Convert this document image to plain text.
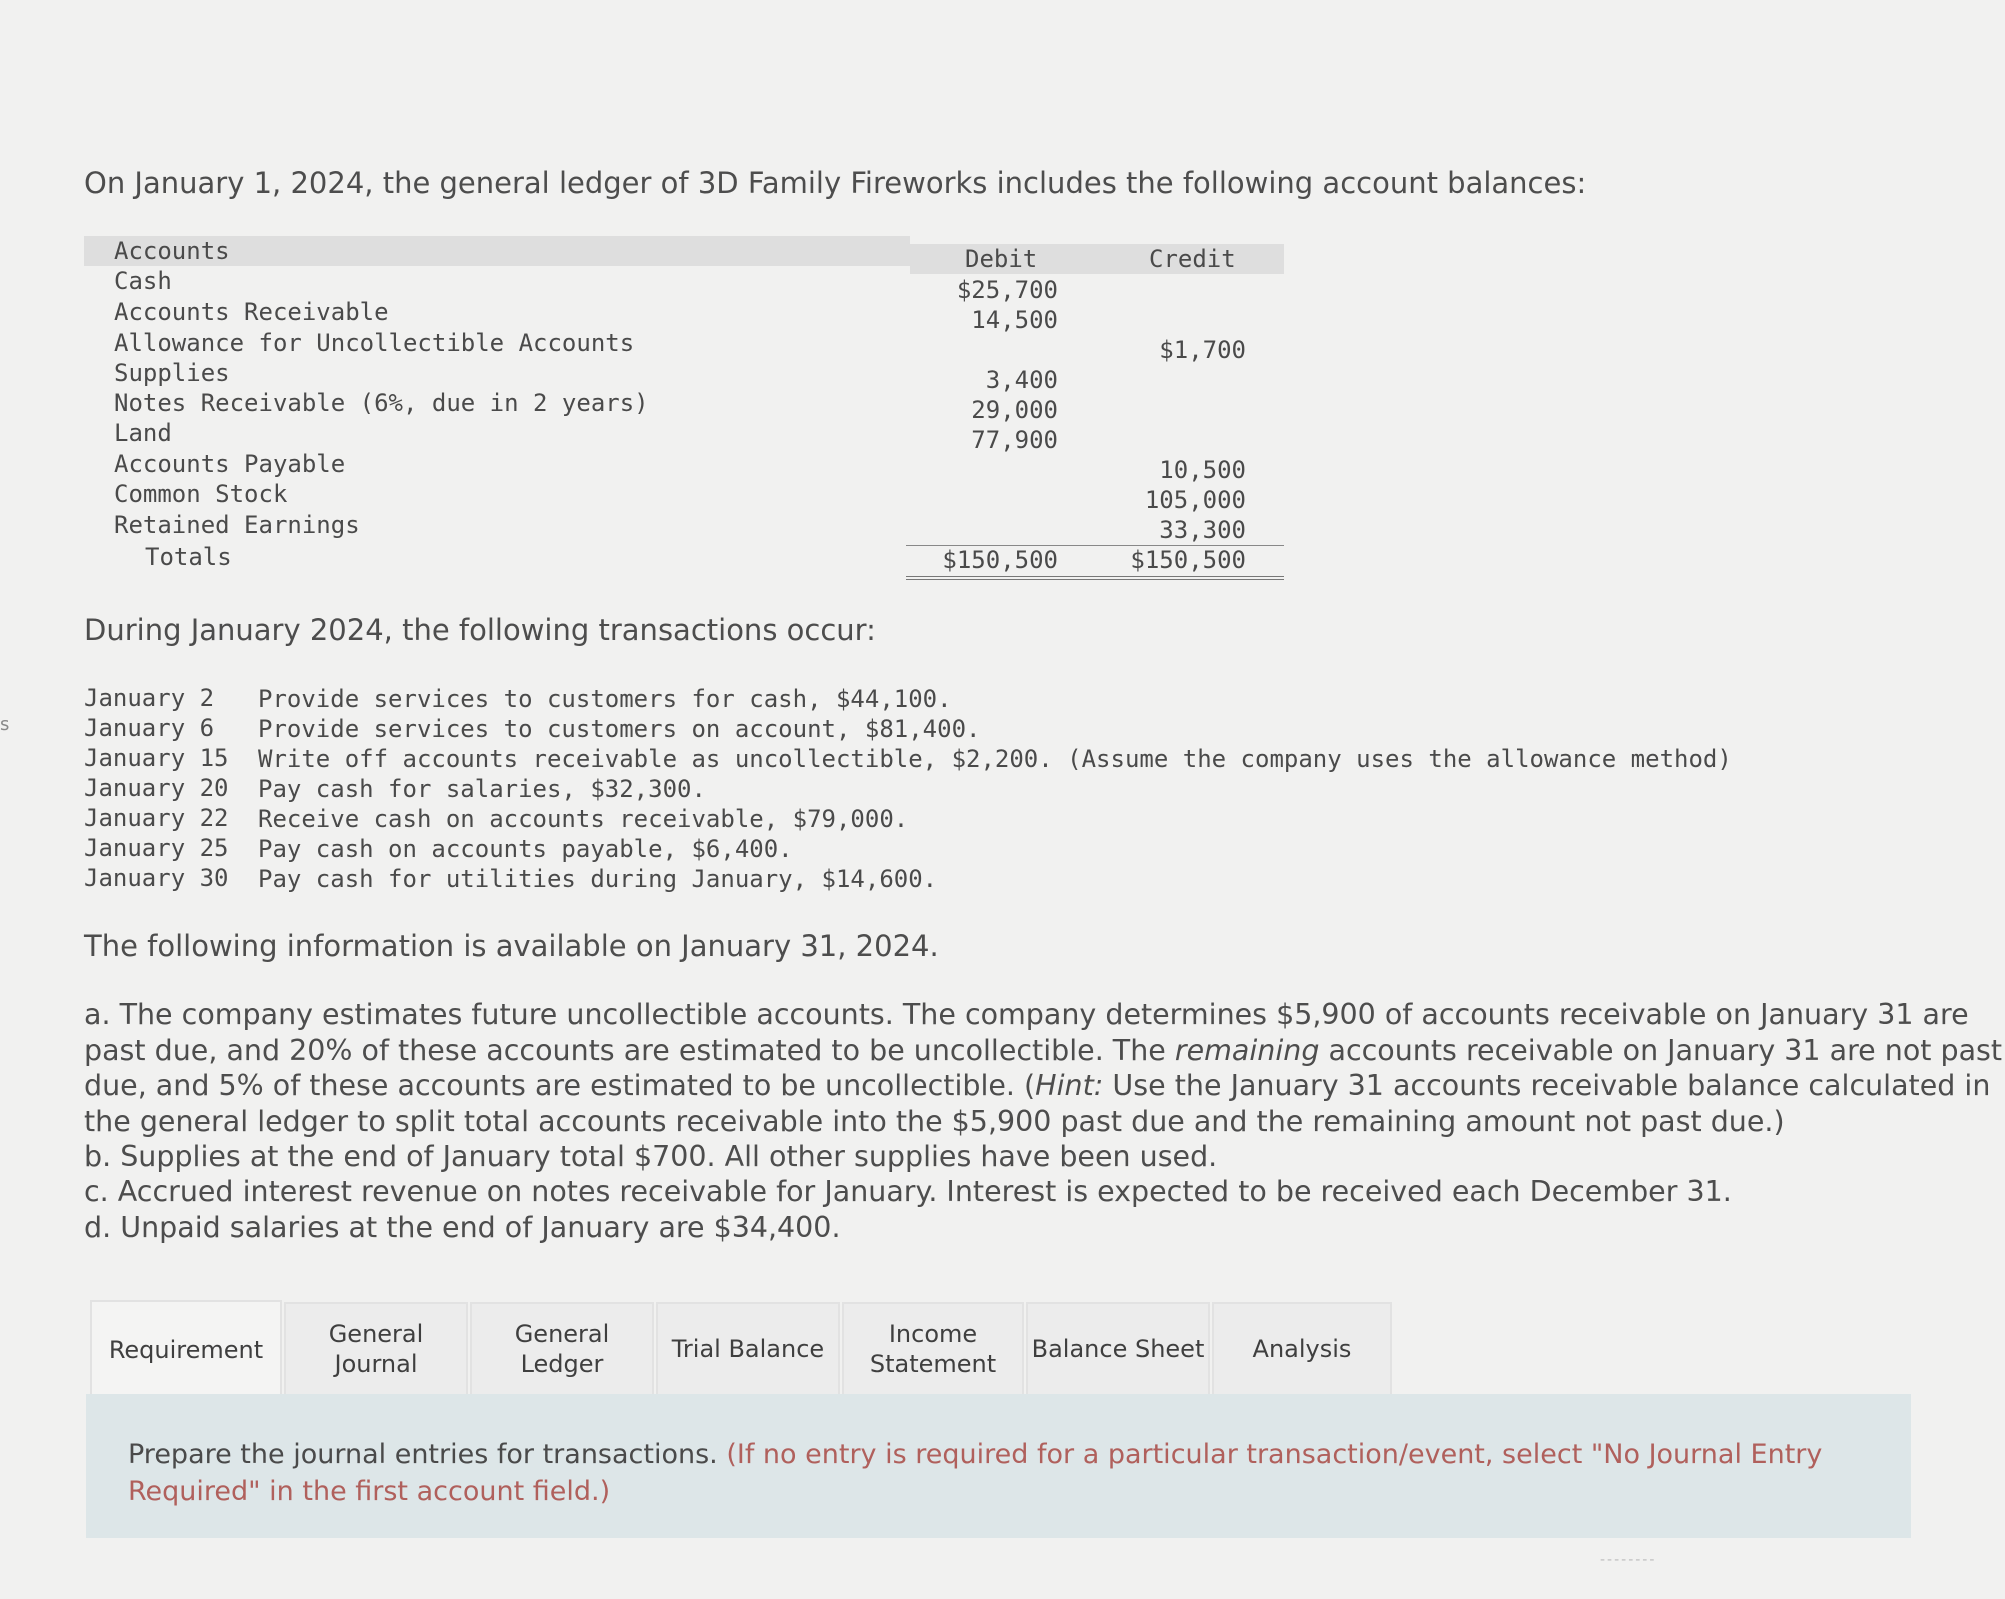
s

On January 1, 2024, the general ledger of 3D Family Fireworks includes the following account balances:

Debit	Credit
Accounts
Cash
Accounts Receivable
Allowance for Uncollectible Accounts
Supplies
Notes Receivable (6%, due in 2 years)
Land
Accounts Payable
Common Stock
Retained Earnings
Totals
$25,700
14,500
3,400
29,000
77,900
$1,700
10,500
105,000
33,300
$150,500	$150,500

During January 2024, the following transactions occur:

January 2 Provide services to customers for cash, $44,100.
January 6 Provide services to customers on account, $81,400.
January 15 Write off accounts receivable as uncollectible, $2,200. (Assume the company uses the allowance method)
January 20 Pay cash for salaries, $32,300.
January 22 Receive cash on accounts receivable, $79,000.
January 25 Pay cash on accounts payable, $6,400.
January 30 Pay cash for utilities during January, $14,600.

The following information is available on January 31, 2024.

a. The company estimates future uncollectible accounts. The company determines $5,900 of accounts receivable on January 31 are
past due, and 20% of these accounts are estimated to be uncollectible. The remaining accounts receivable on January 31 are not past
due, and 5% of these accounts are estimated to be uncollectible. (Hint: Use the January 31 accounts receivable balance calculated in
the general ledger to split total accounts receivable into the $5,900 past due and the remaining amount not past due.)
b. Supplies at the end of January total $700. All other supplies have been used.
c. Accrued interest revenue on notes receivable for January. Interest is expected to be received each December 31.
d. Unpaid salaries at the end of January are $34,400.
Requirement
General
Journal
General
Ledger
Trial Balance
Income
Statement
Balance Sheet Analysis
Prepare the journal entries for transactions. (If no entry is required for a particular transaction/event, select "No Journal Entry
Required" in the first account field.)
--------
